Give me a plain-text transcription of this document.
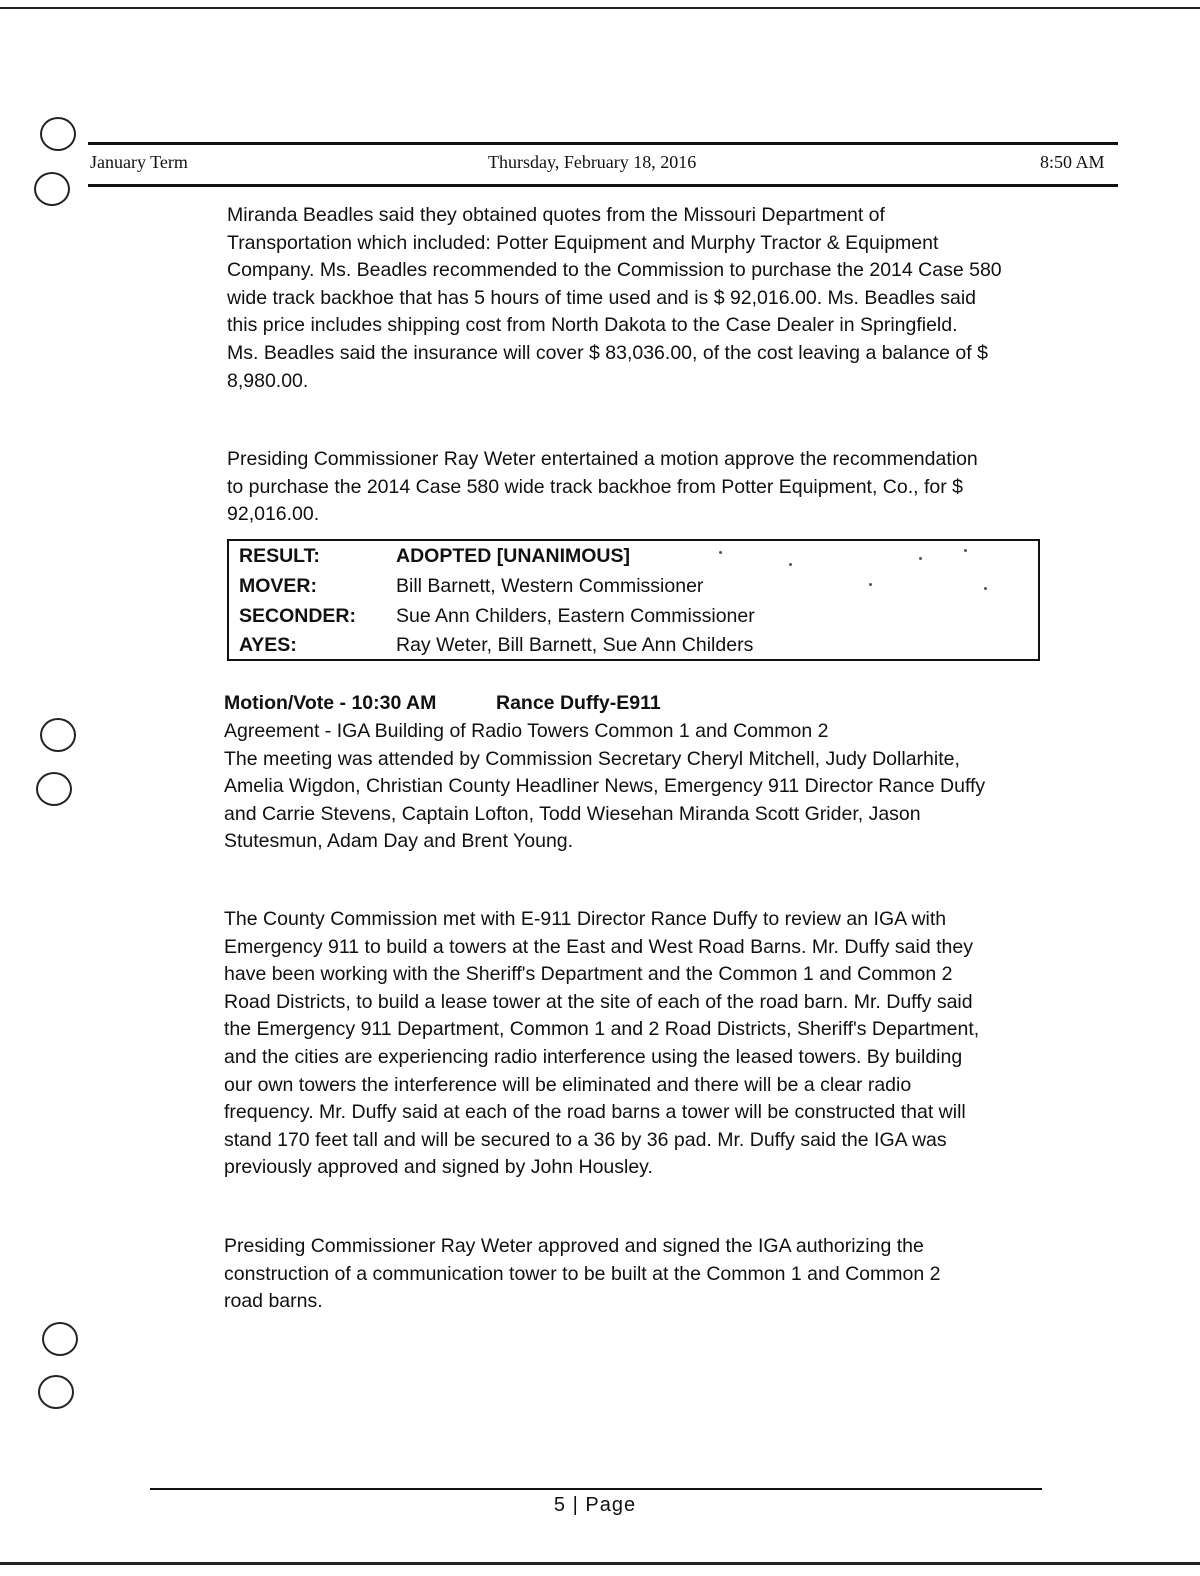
January Term	Thursday, February 18, 2016	8:50 AM

Miranda Beadles said they obtained quotes from the Missouri Department of
Transportation which included: Potter Equipment and Murphy Tractor & Equipment
Company. Ms. Beadles recommended to the Commission to purchase the 2014 Case 580
wide track backhoe that has 5 hours of time used and is $ 92,016.00. Ms. Beadles said
this price includes shipping cost from North Dakota to the Case Dealer in Springfield.
Ms. Beadles said the insurance will cover $ 83,036.00, of the cost leaving a balance of $
8,980.00.

Presiding Commissioner Ray Weter entertained a motion approve the recommendation
to purchase the 2014 Case 580 wide track backhoe from Potter Equipment, Co., for $
92,016.00.

RESULT:	ADOPTED [UNANIMOUS]
MOVER:	Bill Barnett, Western Commissioner
SECONDER: Sue Ann Childers, Eastern Commissioner
AYES:	Ray Weter, Bill Barnett, Sue Ann Childers
Motion/Vote - 10:30 AM	Rance Duffy-E911

Agreement - IGA Building of Radio Towers Common 1 and Common 2
The meeting was attended by Commission Secretary Cheryl Mitchell, Judy Dollarhite,
Amelia Wigdon, Christian County Headliner News, Emergency 911 Director Rance Duffy
and Carrie Stevens, Captain Lofton, Todd Wiesehan Miranda Scott Grider, Jason
Stutesmun, Adam Day and Brent Young.

The County Commission met with E-911 Director Rance Duffy to review an IGA with
Emergency 911 to build a towers at the East and West Road Barns. Mr. Duffy said they
have been working with the Sheriff's Department and the Common 1 and Common 2
Road Districts, to build a lease tower at the site of each of the road barn. Mr. Duffy said
the Emergency 911 Department, Common 1 and 2 Road Districts, Sheriff's Department,
and the cities are experiencing radio interference using the leased towers. By building
our own towers the interference will be eliminated and there will be a clear radio
frequency. Mr. Duffy said at each of the road barns a tower will be constructed that will
stand 170 feet tall and will be secured to a 36 by 36 pad. Mr. Duffy said the IGA was
previously approved and signed by John Housley.

Presiding Commissioner Ray Weter approved and signed the IGA authorizing the
construction of a communication tower to be built at the Common 1 and Common 2
road barns.

5 | Page
